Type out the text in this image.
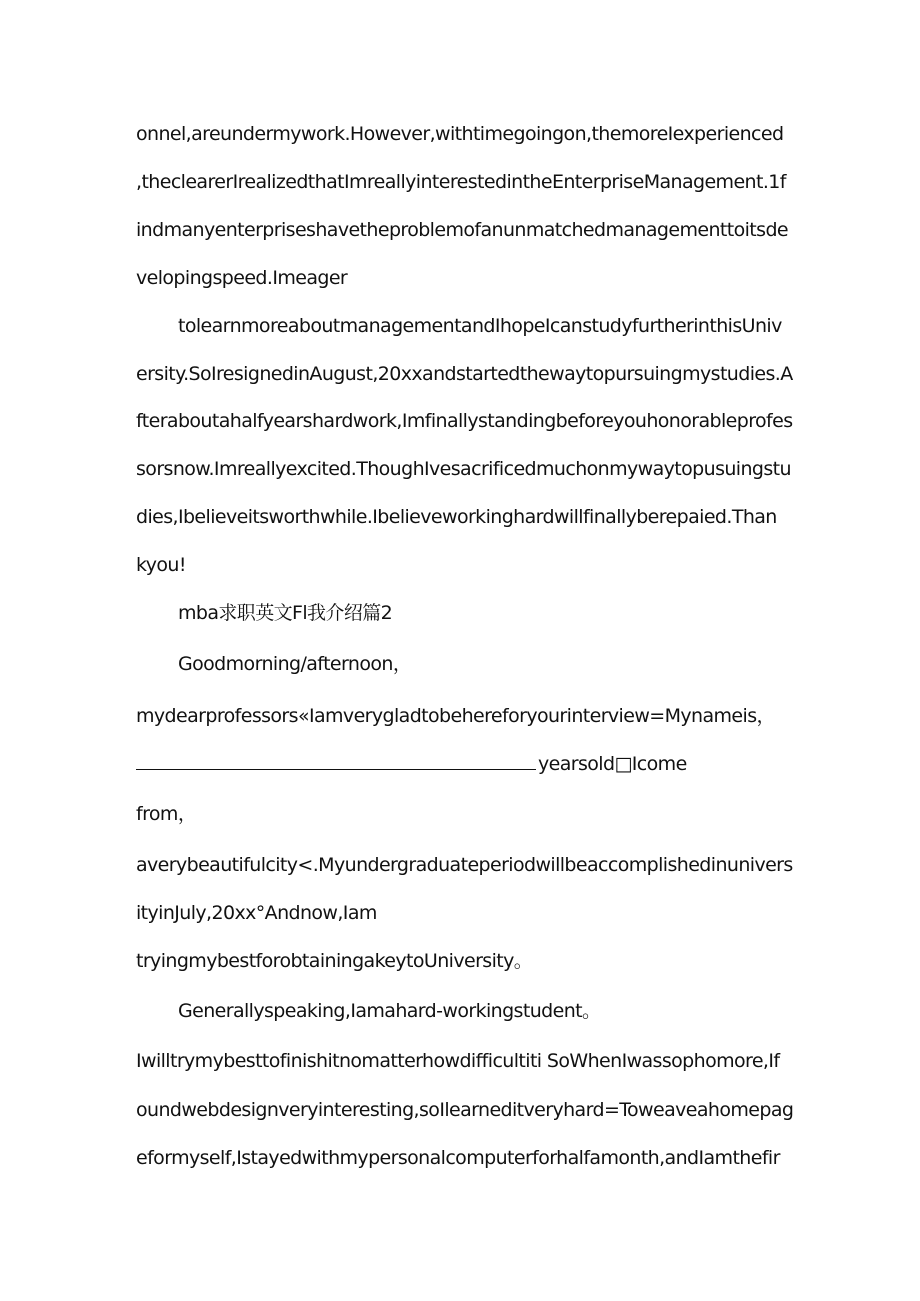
onnel,areundermywork.However,withtimegoingon,themoreIexperienced
,theclearerIrealizedthatImreallyinterestedintheEnterpriseManagement.1f
indmanyenterpriseshavetheproblemofanunmatchedmanagementtoitsde
velopingspeed.Imeager
tolearnmoreaboutmanagementandIhopeIcanstudyfurtherinthisUniv
ersity.SoIresignedinAugust,20xxandstartedthewaytopursuingmystudies.A
fteraboutahalfyearshardwork,Imfinallystandingbeforeyouhonorableprofes
sorsnow.Imreallyexcited.ThoughIvesacrificedmuchonmywaytopusuingstu
dies,Ibelieveitsworthwhile.Ibelieveworkinghardwillfinallyberepaied.Than
kyou!
mba求职英文Fl我介绍篇2
Goodmorning/afternoon，
mydearprofessors«Iamverygladtobehereforyourinterview=Mynameis，
yearsold□Icome
from，
averybeautifulcity<.Myundergraduateperiodwillbeaccomplishedinunivers
ityinJuly,20xx°Andnow,Iam
tryingmybestforobtainingakeytoUniversity。
Generallyspeaking,Iamahard-workingstudent。
Iwilltrymybesttofinishitnomatterhowdifficultiti SoWhenIwassophomore,If
oundwebdesignveryinteresting,soIlearneditveryhard=Toweaveahomepag
eformyself,Istayedwithmypersonalcomputerforhalfamonth,andIamthefir
